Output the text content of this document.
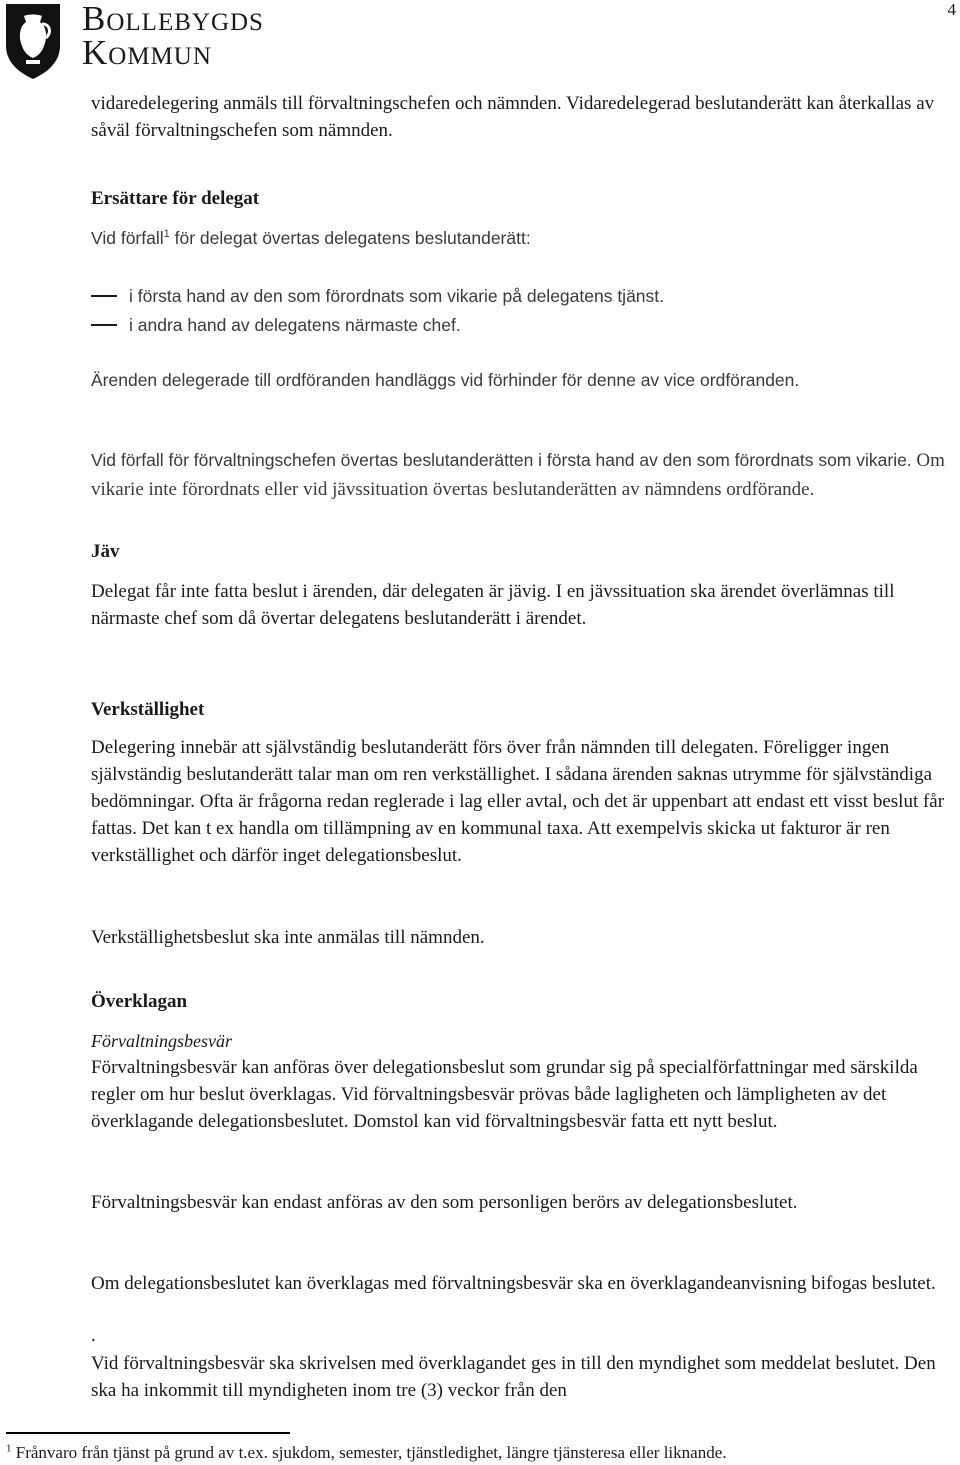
Bollebygds
Kommun
4
vidaredelegering anmäls till förvaltningschefen och nämnden. Vidaredelegerad beslutanderätt kan återkallas av såväl förvaltningschefen som nämnden.
Ersättare för delegat
Vid förfall$^1$ för delegat övertas delegatens beslutanderätt:
i första hand av den som förordnats som vikarie på delegatens tjänst.
i andra hand av delegatens närmaste chef.
Ärenden delegerade till ordföranden handläggs vid förhinder för denne av vice ordföranden.
Vid förfall för förvaltningschefen övertas beslutanderätten i första hand av den som förordnats som vikarie. Om vikarie inte förordnats eller vid jävssituation övertas beslutanderätten av nämndens ordförande.
Jäv
Delegat får inte fatta beslut i ärenden, där delegaten är jävig. I en jävssituation ska ärendet överlämnas till närmaste chef som då övertar delegatens beslutanderätt i ärendet.
Verkställighet
Delegering innebär att självständig beslutanderätt förs över från nämnden till delegaten. Föreligger ingen självständig beslutanderätt talar man om ren verkställighet. I sådana ärenden saknas utrymme för självständiga bedömningar. Ofta är frågorna redan reglerade i lag eller avtal, och det är uppenbart att endast ett visst beslut får fattas. Det kan t ex handla om tillämpning av en kommunal taxa. Att exempelvis skicka ut fakturor är ren verkställighet och därför inget delegationsbeslut.
Verkställighetsbeslut ska inte anmälas till nämnden.
Överklagan
Förvaltningsbesvär
Förvaltningsbesvär kan anföras över delegationsbeslut som grundar sig på specialförfattningar med särskilda regler om hur beslut överklagas. Vid förvaltningsbesvär prövas både lagligheten och lämpligheten av det överklagande delegationsbeslutet. Domstol kan vid förvaltningsbesvär fatta ett nytt beslut.
Förvaltningsbesvär kan endast anföras av den som personligen berörs av delegationsbeslutet.
Om delegationsbeslutet kan överklagas med förvaltningsbesvär ska en överklagandeanvisning bifogas beslutet.
.
Vid förvaltningsbesvär ska skrivelsen med överklagandet ges in till den myndighet som meddelat beslutet. Den ska ha inkommit till myndigheten inom tre (3) veckor från den
$^1$ Frånvaro från tjänst på grund av t.ex. sjukdom, semester, tjänstledighet, längre tjänsteresa eller liknande.
